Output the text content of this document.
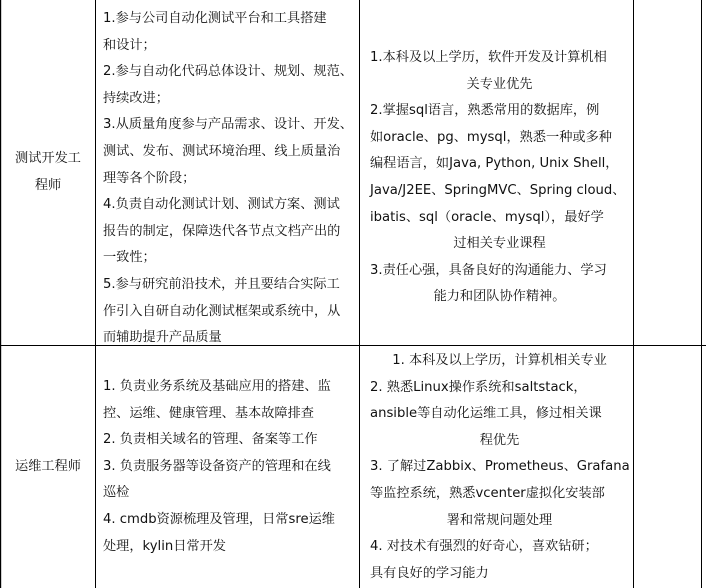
测试开发工
程师
1.参与公司自动化测试平台和工具搭建
和设计；
2.参与自动化代码总体设计、规划、规范、
持续改进；
3.从质量角度参与产品需求、设计、开发、
测试、发布、测试环境治理、线上质量治
理等各个阶段；
4.负责自动化测试计划、测试方案、测试
报告的制定，保障迭代各节点文档产出的
一致性；
5.参与研究前沿技术，并且要结合实际工
作引入自研自动化测试框架或系统中，从
而辅助提升产品质量
1.本科及以上学历，软件开发及计算机相
关专业优先
2.掌握sql语言，熟悉常用的数据库，例
如oracle、pg、mysql，熟悉一种或多种
编程语言，如Java, Python, Unix Shell，
Java/J2EE、SpringMVC、Spring cloud、
ibatis、sql（oracle、mysql），最好学
过相关专业课程
3.责任心强，具备良好的沟通能力、学习
能力和团队协作精神。
运维工程师
1. 负责业务系统及基础应用的搭建、监
控、运维、健康管理、基本故障排查
2. 负责相关域名的管理、备案等工作
3. 负责服务器等设备资产的管理和在线
巡检
4. cmdb资源梳理及管理，日常sre运维
处理，kylin日常开发
1. 本科及以上学历，计算机相关专业
2. 熟悉Linux操作系统和saltstack，
ansible等自动化运维工具，修过相关课
程优先
3. 了解过Zabbix、Prometheus、Grafana
等监控系统，熟悉vcenter虚拟化安装部
署和常规问题处理
4. 对技术有强烈的好奇心，喜欢钻研；
具有良好的学习能力
